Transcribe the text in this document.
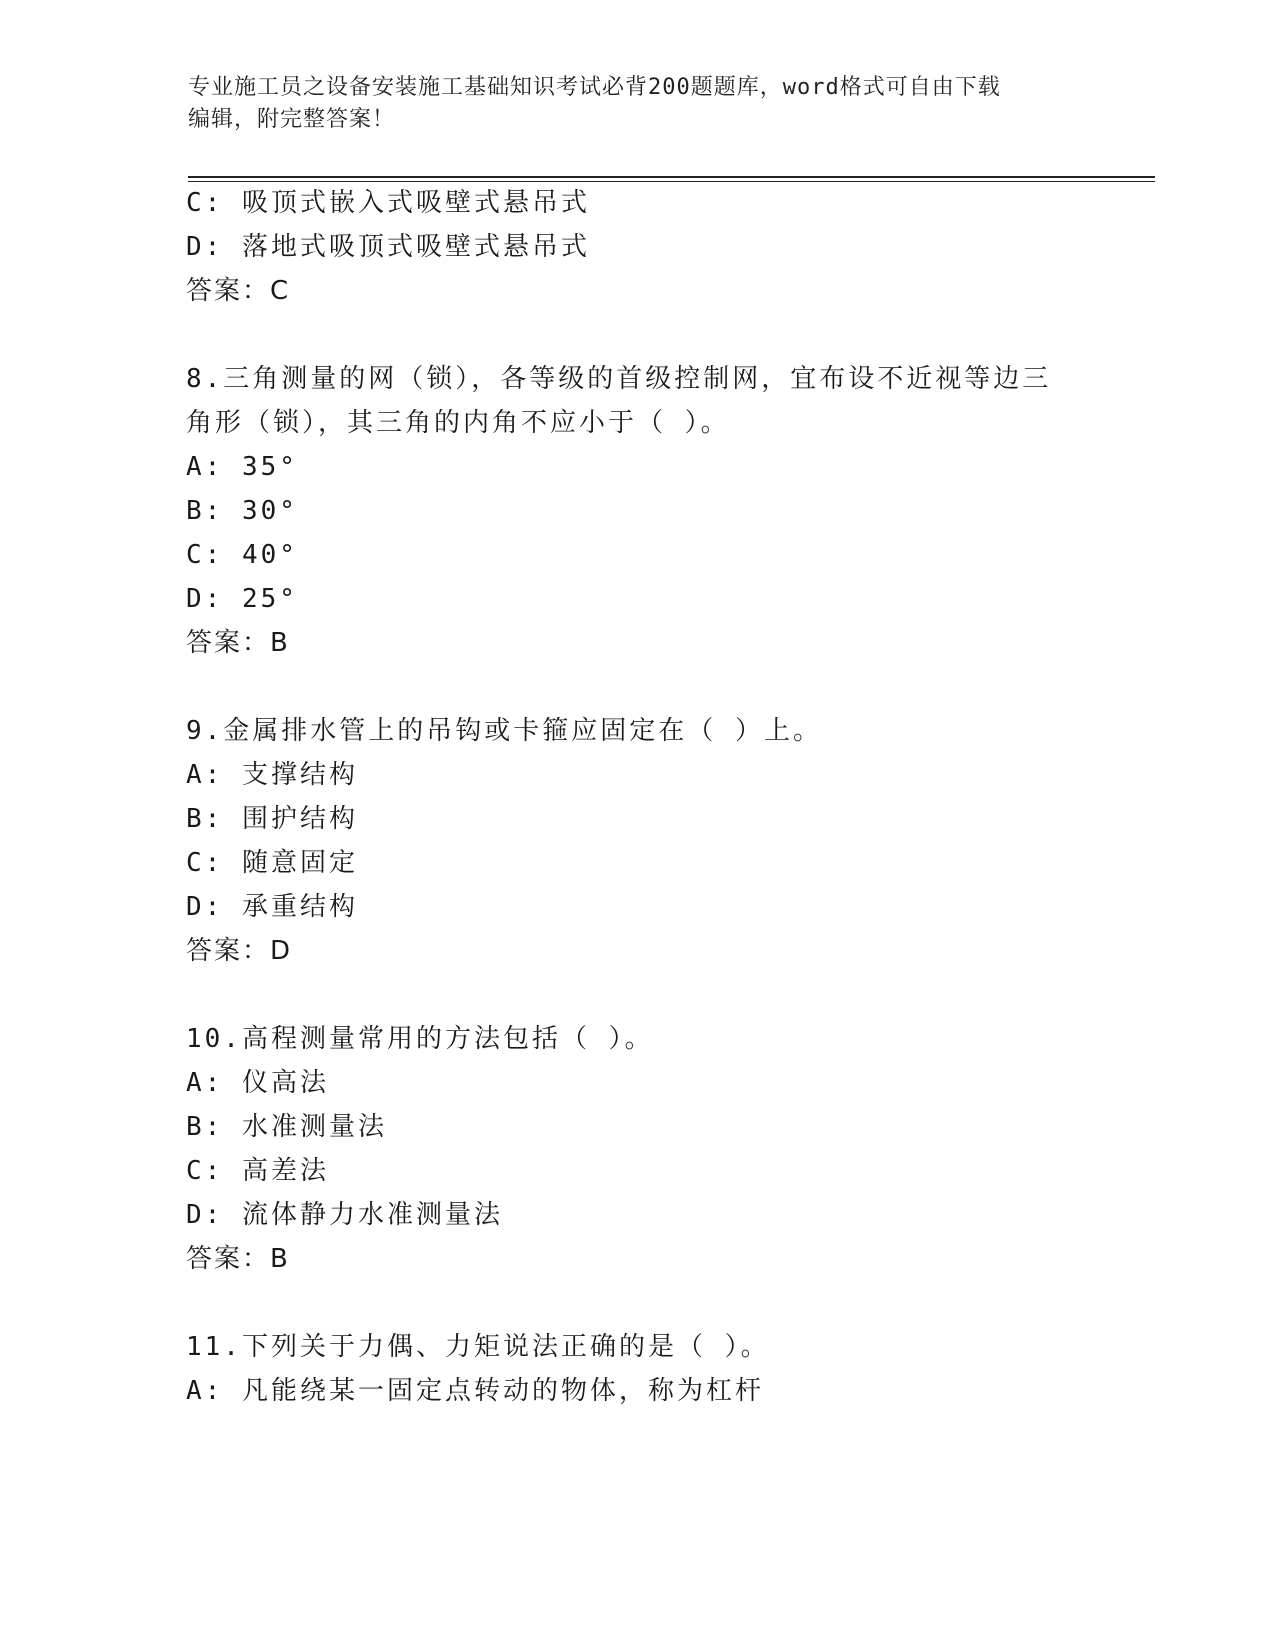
专业施工员之设备安装施工基础知识考试必背200题题库，word格式可自由下载
编辑，附完整答案！
C: 吸顶式嵌入式吸壁式悬吊式
D: 落地式吸顶式吸壁式悬吊式
答案：C
8.三角测量的网（锁），各等级的首级控制网，宜布设不近视等边三
角形（锁），其三角的内角不应小于（ ）。
A: 35°
B: 30°
C: 40°
D: 25°
答案：B
9.金属排水管上的吊钩或卡箍应固定在（ ）上。
A: 支撑结构
B: 围护结构
C: 随意固定
D: 承重结构
答案：D
10.高程测量常用的方法包括（ ）。
A: 仪高法
B: 水准测量法
C: 高差法
D: 流体静力水准测量法
答案：B
11.下列关于力偶、力矩说法正确的是（ ）。
A: 凡能绕某一固定点转动的物体，称为杠杆
